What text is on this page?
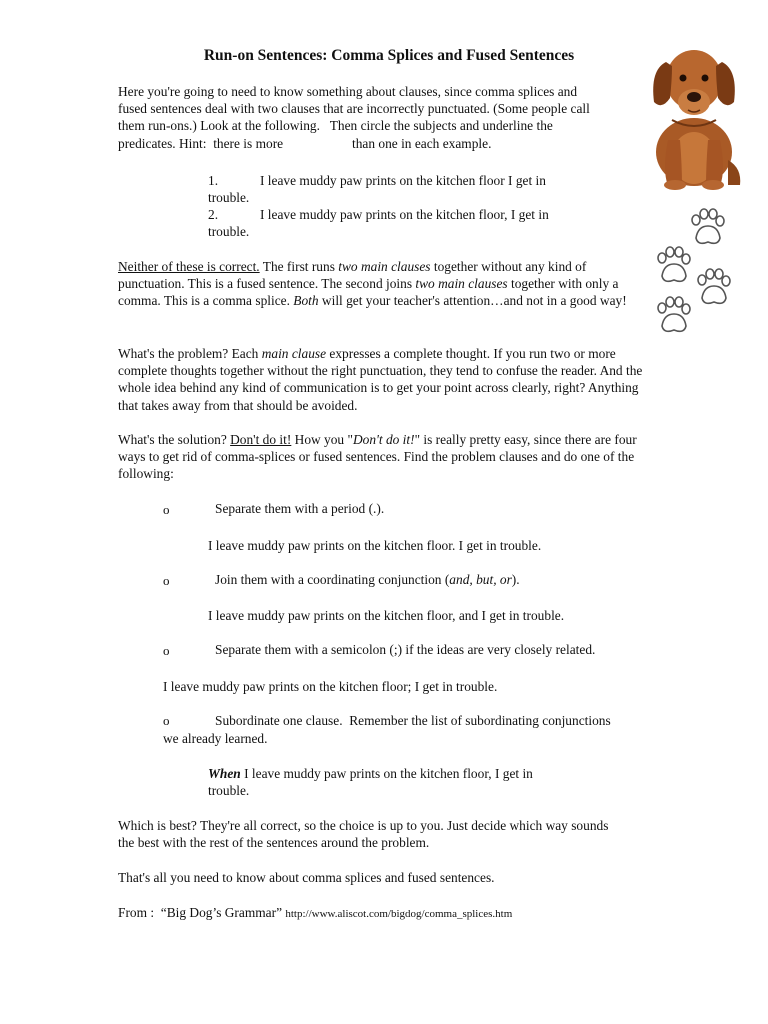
Run-on Sentences: Comma Splices and Fused Sentences
Here you're going to need to know something about clauses, since comma splices and
fused sentences deal with two clauses that are incorrectly punctuated. (Some people call
them run-ons.) Look at the following.   Then circle the subjects and underline the
predicates. Hint:  there is more	than one in each example.
1.	I leave muddy paw prints on the kitchen floor I get in
trouble.
2.	I leave muddy paw prints on the kitchen floor, I get in
trouble.

Neither of these is correct. The first runs two main clauses together without any kind of punctuation. This is a fused sentence. The second joins two main clauses together with only a comma. This is a comma splice. Both will get your teacher's attention…and not in a good way!

What's the problem? Each main clause expresses a complete thought. If you run two or more complete thoughts together without the right punctuation, they tend to confuse the reader. And the whole idea behind any kind of communication is to get your point across clearly, right? Anything that takes away from that should be avoided.

What's the solution? Don't do it! How you "Don't do it!" is really pretty easy, since there are four ways to get rid of comma-splices or fused sentences. Find the problem clauses and do one of the following:

o	Separate them with a period (.).
I leave muddy paw prints on the kitchen floor. I get in trouble.
o	Join them with a coordinating conjunction (and, but, or).
I leave muddy paw prints on the kitchen floor, and I get in trouble.
o	Separate them with a semicolon (;) if the ideas are very closely related.
I leave muddy paw prints on the kitchen floor; I get in trouble.
o	Subordinate one clause.  Remember the list of subordinating conjunctions
we already learned.
When I leave muddy paw prints on the kitchen floor, I get in
trouble.

Which is best? They're all correct, so the choice is up to you. Just decide which way sounds the best with the rest of the sentences around the problem.

That's all you need to know about comma splices and fused sentences.

From :  “Big Dog’s Grammar” http://www.aliscot.com/bigdog/comma_splices.htm
